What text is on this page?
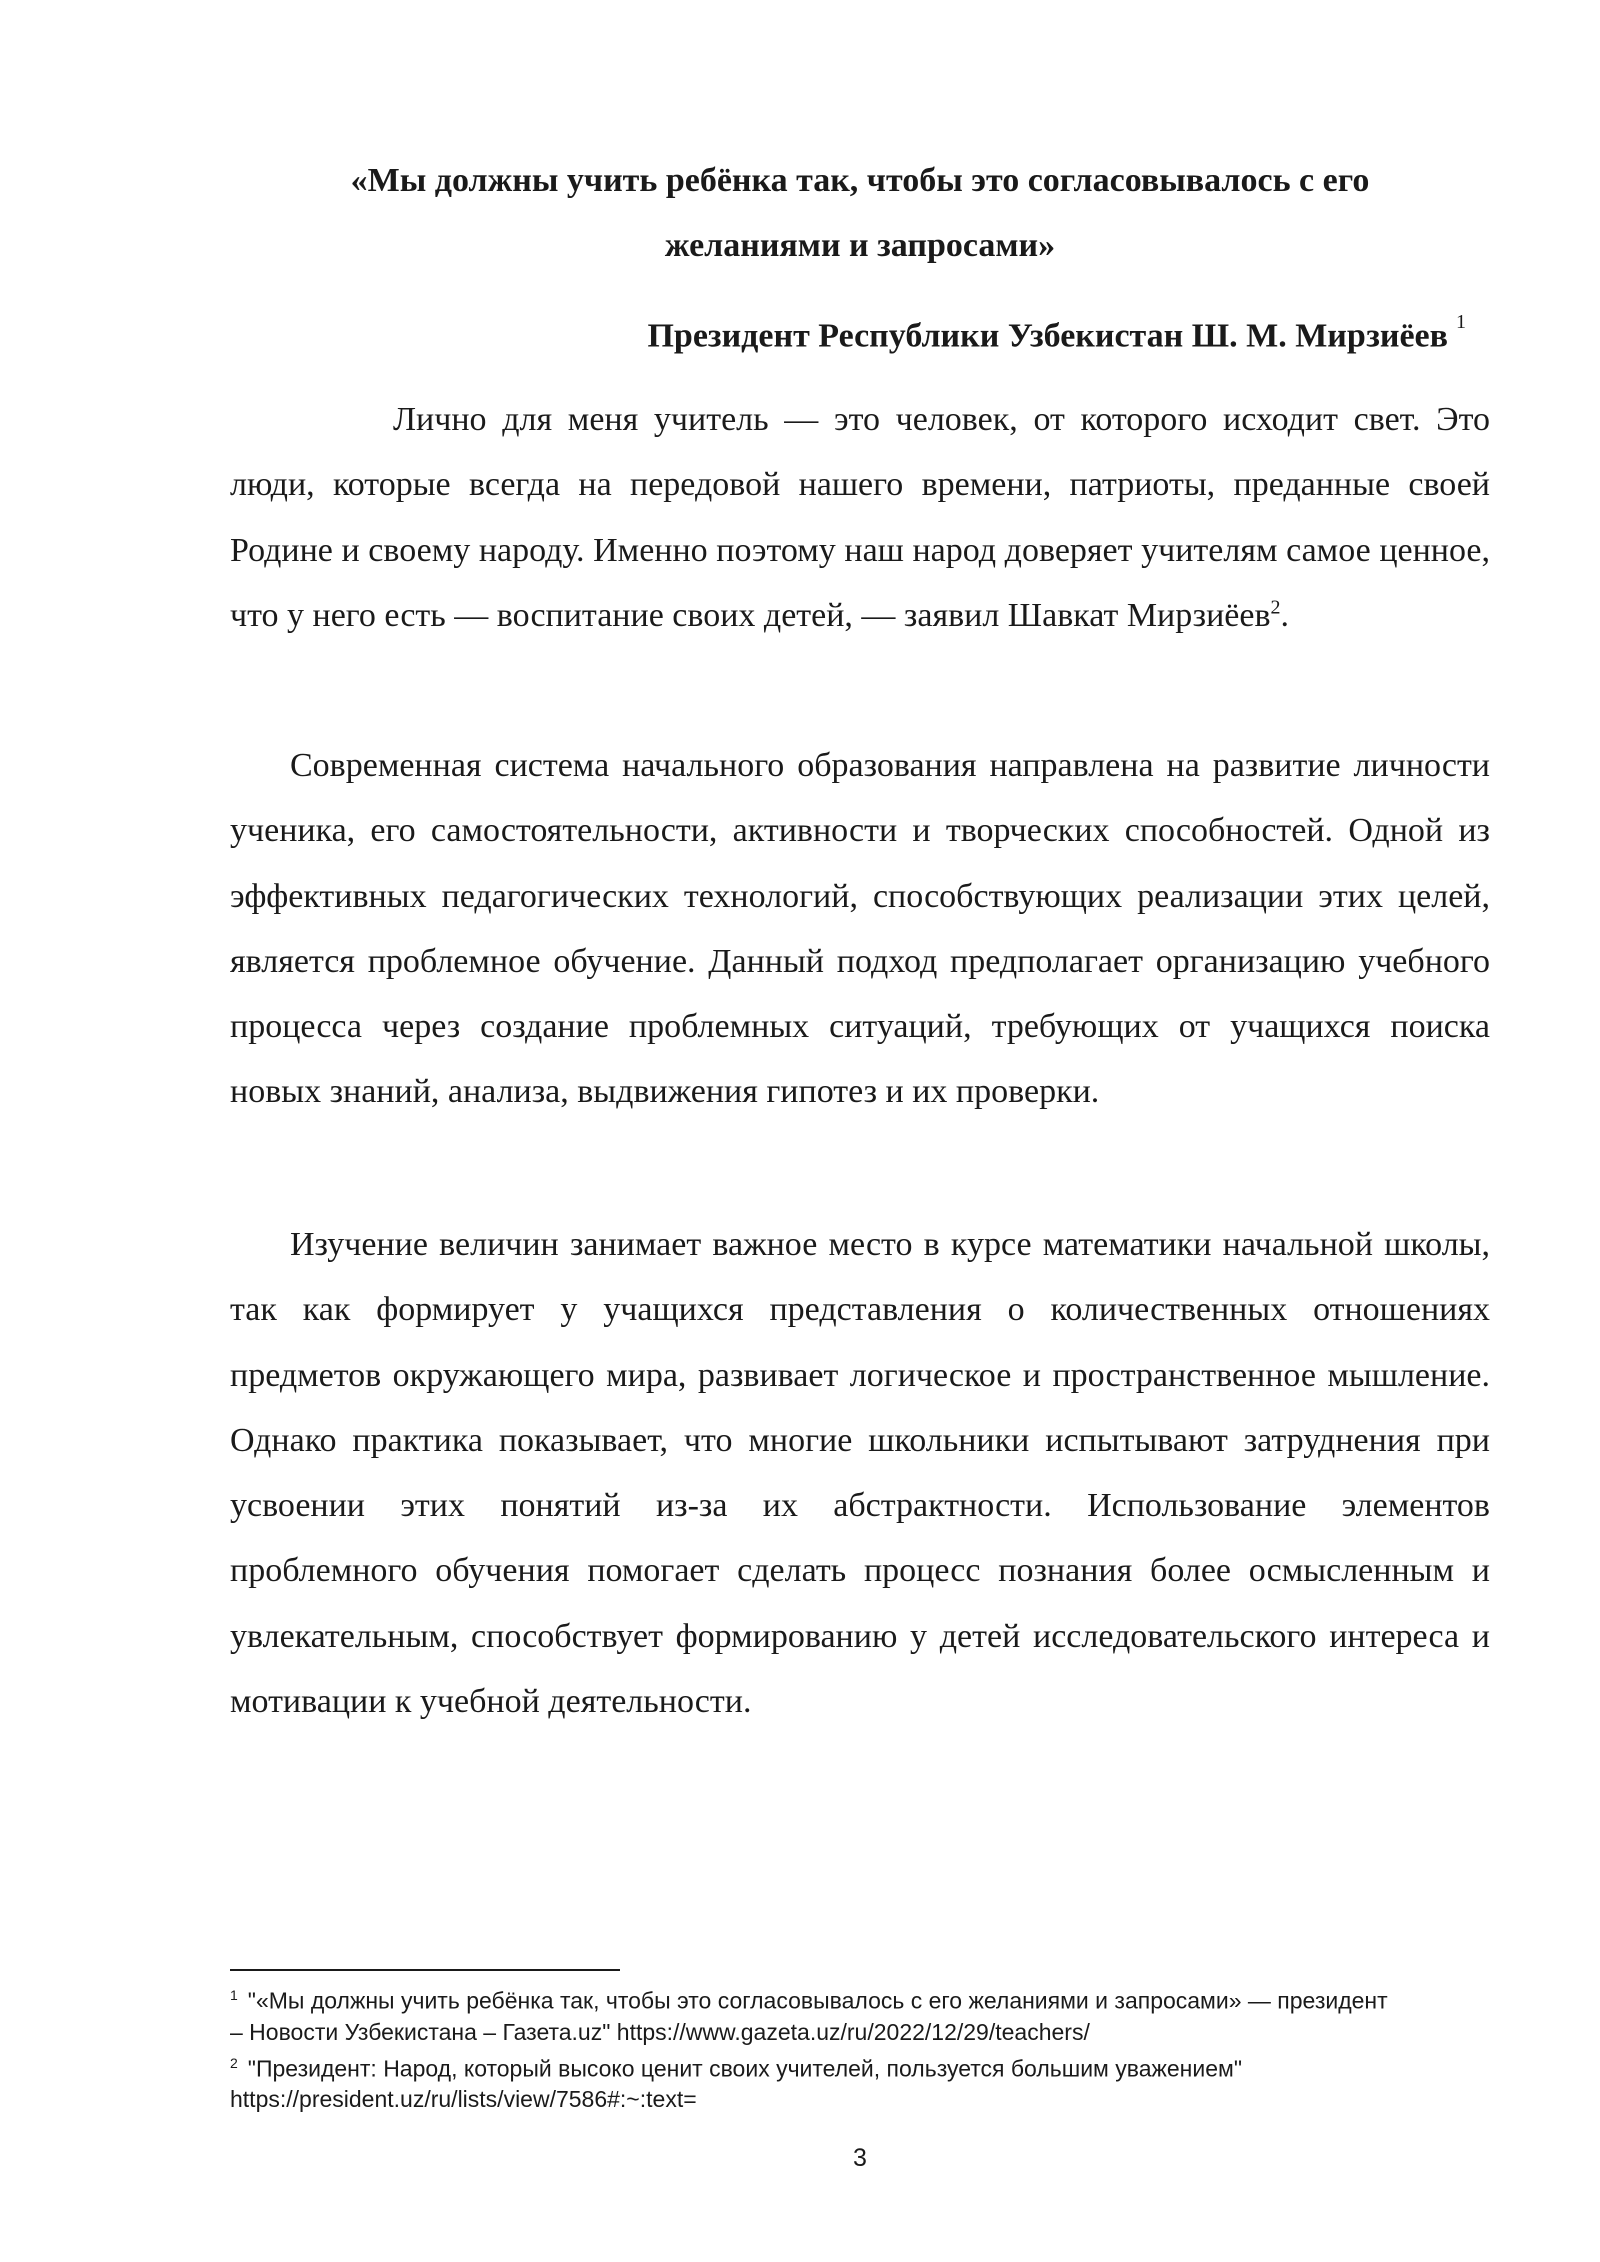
«Мы должны учить ребёнка так, чтобы это согласовывалось с его
желаниями и запросами»
Президент Республики Узбекистан Ш. М. Мирзиёев $^1$

Лично для меня учитель — это человек, от которого исходит свет. Это люди, которые всегда на передовой нашего времени, патриоты, преданные своей Родине и своему народу. Именно поэтому наш народ доверяет учителям самое ценное, что у него есть — воспитание своих детей, — заявил Шавкат Мирзиёев$^2$.

Современная система начального образования направлена на развитие личности ученика, его самостоятельности, активности и творческих способностей. Одной из эффективных педагогических технологий, способствующих реализации этих целей, является проблемное обучение. Данный подход предполагает организацию учебного процесса через создание проблемных ситуаций, требующих от учащихся поиска новых знаний, анализа, выдвижения гипотез и их проверки.

Изучение величин занимает важное место в курсе математики начальной школы, так как формирует у учащихся представления о количественных отношениях предметов окружающего мира, развивает логическое и пространственное мышление. Однако практика показывает, что многие школьники испытывают затруднения при усвоении этих понятий из-за их абстрактности. Использование элементов проблемного обучения помогает сделать процесс познания более осмысленным и увлекательным, способствует формированию у детей исследовательского интереса и мотивации к учебной деятельности.

$^1$ "«Мы должны учить ребёнка так, чтобы это согласовывалось с его желаниями и запросами» — президент

– Новости Узбекистана – Газета.uz" https://www.gazeta.uz/ru/2022/12/29/teachers/

$^2$ "Президент: Народ, который высоко ценит своих учителей, пользуется большим уважением"

https://president.uz/ru/lists/view/7586#:~:text=

3
